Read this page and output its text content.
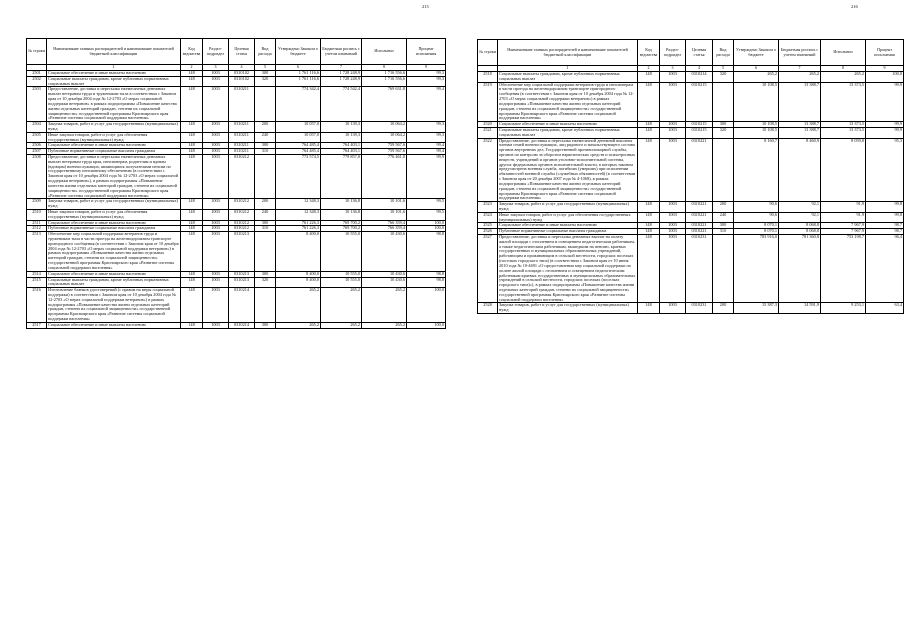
215
№ строки	Наименование главных распорядителей и наименование показателей бюджетной классификации	Код ведомства	Раздел-подраздел	Целевая статья	Вид расхода	Утверждено Законом о бюджете	Бюджетная роспись с учетом изменений	Исполнено	Процент исполнения
	1	2	3	4	5	6	7	8	9
2501	Социальное обеспечение и иные выплаты населению	148	1003	0310102	300	1 761 116,6	1 728 248,9	1 716 556,6	99,3
2502	Социальные выплаты гражданам, кроме публичных нормативных социальных выплат	148	1003	0310102	320	1 761 116,6	1 728 248,9	1 716 556,6	99,3
2503	Предоставление, доставка и пересылка ежемесячных денежных выплат ветеранам труда и труженикам тыла в соответствии с Законом края от 10 декабря 2004 года № 12-2703 «О мерах социальной поддержки ветеранов» в рамках подпрограммы «Повышение качества жизни отдельных категорий граждан, степени их социальной защищенности» государственной программы Красноярского края «Развитие системы социальной поддержки населения»	148	1003	0310211		774 342,4	774 542,4	769 631,8	99,4
2504	Закупка товаров, работ и услуг для государственных (муниципальных) нужд	148	1003	0310211	200	10 057,0	10 139,3	10 064,2	99,3
2505	Иные закупки товаров, работ и услуг для обеспечения государственных (муниципальных) нужд	148	1003	0310211	240	10 057,0	10 139,3	10 064,2	99,3
2506	Социальное обеспечение и иные выплаты населению	148	1003	0310211	300	764 485,4	764 403,1	759 567,6	99,4
2507	Публичные нормативные социальные выплаты гражданам	148	1003	0310211	310	764 485,4	764 403,1	759 567,6	99,4
2508	Предоставление, доставка и пересылка ежемесячных денежных выплат ветеранам труда края, пенсионерам, родителям и вдовам (вдовцам) военнослужащих, являющимся получателями пенсии по государственному пенсионному обеспечению (в соответствии с Законом края от 10 декабря 2004 года № 12-2703 «О мерах социальной поддержки ветеранов»), в рамках подпрограммы «Повышение качества жизни отдельных категорий граждан, степени их социальной защищенности» государственной программы Красноярского края «Развитие системы социальной поддержки населения»	148	1003	0310212		773 574,5	779 857,0	776 461,0	99,9
2509	Закупка товаров, работ и услуг для государственных (муниципальных) нужд	148	1003	0310212	200	12 348,3	10 136,8	10 101,6	99,5
2510	Иные закупки товаров, работ и услуг для обеспечения государственных (муниципальных) нужд	148	1003	0310212	240	12 348,3	10 136,8	10 101,6	99,5
2511	Социальное обеспечение и иные выплаты населению	148	1003	0310212	300	761 226,3	769 700,2	766 359,4	100,0
2512	Публичные нормативные социальные выплаты гражданам	148	1003	0310212	310	761 226,3	769 700,2	766 359,4	100,0
2513	Обеспечение мер социальной поддержки ветеранов труда и труженикам тыла в части проезда на железнодорожном транспорте пригородного сообщения (в соответствии с Законом края от 10 декабря 2004 года № 12-2703 «О мерах социальной поддержки ветеранов») в рамках подпрограммы «Повышение качества жизни отдельных категорий граждан, степени их социальной защищенности» государственной программы Красноярского края «Развитие системы социальной поддержки населения»	148	1003	0310213		8 400,0	10 555,0	10 430,6	98,8
2514	Социальное обеспечение и иные выплаты населению	148	1003	0310213	300	8 400,0	10 555,0	10 430,6	98,8
2515	Социальные выплаты гражданам, кроме публичных нормативных социальных выплат	148	1003	0310213	320	8 400,0	10 555,0	10 430,6	98,8
2516	Изготовление бланков удостоверений (с правом на меры социальной поддержки) в соответствии с Законом края от 10 декабря 2004 года № 12-2703 «О мерах социальной поддержки ветеранов») в рамках подпрограммы «Повышение качества жизни отдельных категорий граждан, степени их социальной защищенности» государственной программы Красноярского края «Развитие системы социальной поддержки населения»	148	1003	0310214		265,2	265,2	265,2	100,0
2517	Социальное обеспечение и иные выплаты населению	148	1003	0310214	300	265,2	265,2	265,2	100,0
216
№ строки	Наименование главных распорядителей и наименование показателей бюджетной классификации	Код ведомства	Раздел-подраздел	Целевая статья	Вид расхода	Утверждено Законом о бюджете	Бюджетная роспись с учетом изменений	Исполнено	Процент исполнения
	1	2	3	4	5	6	7	8	9
2518	Социальные выплаты гражданам, кроме публичных нормативных социальных выплат	148	1003	0310214	320	265,2	265,2	265,2	100,0
2519	Обеспечение мер социальной поддержки ветеранов труда и пенсионерам в части проезда на железнодорожном транспорте пригородного сообщения (в соответствии с Законом края от 10 декабря 2004 года № 12-2703 «О мерах социальной поддержки ветеранов») в рамках подпрограммы «Повышение качества жизни отдельных категорий граждан, степени их социальной защищенности» государственной программы Красноярского края «Развитие системы социальной поддержки населения»	148	1003	0310215		10 108,5	13 388,7	13 373,5	99,9
2520	Социальное обеспечение и иные выплаты населению	148	1003	0310215	300	10 108,5	13 388,7	13 373,5	99,9
2521	Социальные выплаты гражданам, кроме публичных нормативных социальных выплат	148	1003	0310215	320	10 108,5	13 388,7	13 373,5	99,9
2522	Предоставление, доставка и пересылка ежемесячной денежной выплаты членам семей военнослужащих, лиц рядового и начальствующего состава органов внутренних дел, Государственной противопожарной службы, органов по контролю за оборотом наркотических средств и психотропных веществ, учреждений и органов уголовно-исполнительной системы, других федеральных органов исполнительной власти, в которых законом предусмотрена военная служба, погибших (умерших) при исполнении обязанностей военной службы (служебных обязанностей) (в соответствии с Законом края от 20 декабря 2007 года № 4-1068), в рамках подпрограммы «Повышение качества жизни отдельных категорий граждан, степени их социальной защищенности» государственной программы Красноярского края «Развитие системы социальной поддержки населения»	148	1003	0310221		8 160,7	8 460,9	8 059,8	95,3
2523	Закупка товаров, работ и услуг для государственных (муниципальных) нужд	148	1003	0310221	200	90,6	92,1	91,9	99,8
2524	Иные закупки товаров, работ и услуг для обеспечения государственных (муниципальных) нужд	148	1003	0310221	240	90,6	92,1	91,9	99,8
2525	Социальное обеспечение и иные выплаты населению	148	1003	0310221	300	8 070,1	8 068,8	7 967,9	98,7
2526	Публичные нормативные социальные выплаты гражданам	148	1003	0310221	310	8 070,1	8 068,8	7 967,9	98,7
2527	Предоставление, доставка и пересылка денежных выплат на оплату жилой площади с отоплением и освещением педагогическим работникам, а также педагогическим работникам, вышедшим на пенсию, краевых государственных и муниципальных образовательных учреждений, работающим и проживающим в сельской местности, городских поселках (поселках городского типа) (в соответствии с Законом края от 10 июня 2010 года № 10-4691 «О предоставлении мер социальной поддержки по оплате жилой площади с отоплением и освещением педагогическим работникам краевых государственных и муниципальных образовательных учреждений в сельской местности, городских поселках (поселках городского типа)»), в рамках подпрограммы «Повышение качества жизни отдельных категорий граждан, степени их социальной защищенности» государственной программы Красноярского края «Развитие системы социальной поддержки населения»	148	1003	0310231		783 916,0	781 360,8	753 198,7	96,4
2528	Закупка товаров, работ и услуг для государственных (муниципальных) нужд	148	1003	0310231	200	15 387,3	14 591,9	9 253,1	63,4
